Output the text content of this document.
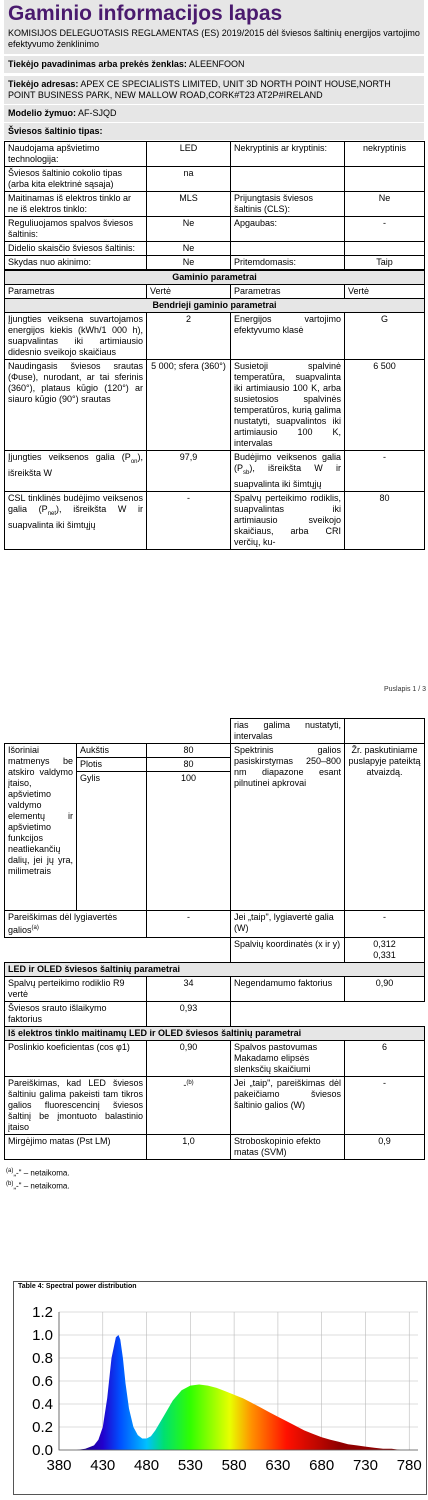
Gaminio informacijos lapas
KOMISIJOS DELEGUOTASIS REGLAMENTAS (ES) 2019/2015 dėl šviesos šaltinių energijos vartojimo efektyvumo ženklinimo
Tiekėjo pavadinimas arba prekės ženklas: ALEENFOON
Tiekėjo adresas: APEX CE SPECIALISTS LIMITED, UNIT 3D NORTH POINT HOUSE,NORTH POINT BUSINESS PARK, NEW MALLOW ROAD,CORK#T23 AT2P#IRELAND
Modelio žymuo: AF-SJQD
Šviesos šaltinio tipas:
Naudojama apšvietimo technologija:	LED	Nekryptinis ar kryptinis:	nekryptinis
Šviesos šaltinio cokolio tipas (arba kita elektrinė sąsaja)	na		
Maitinamas iš elektros tinklo ar ne iš elektros tinklo:	MLS	Prijungtasis šviesos šaltinis (CLS):	Ne
Reguliuojamos spalvos šviesos šaltinis:	Ne	Apgaubas:	-
Didelio skaisčio šviesos šaltinis:	Ne		
Skydas nuo akinimo:	Ne	Pritemdomasis:	Taip
Gaminio parametrai			
Parametras	Vertė	Parametras	Vertė
Bendrieji gaminio parametrai			
Įjungties veiksena suvartojamos energijos kiekis (kWh/1 000 h), suapvalintas iki artimiausio didesnio sveikojo skaičiaus	2	Energijos vartojimo efektyvumo klasė	G
Naudingasis šviesos srautas (Φuse), nurodant, ar tai sferinis (360°), plataus kūgio (120°) ar siauro kūgio (90°) srautas	5 000; sfera (360°)	Susietoji spalvinė temperatūra, suapvalinta iki artimiausio 100 K, arba susietosios spalvinės temperatūros, kurią galima nustatyti, suapvalintos iki artimiausio 100 K, intervalas	6 500
Įjungties veiksenos galia $(P_{on})$, išreikšta W	97,9	Budėjimo veiksenos galia $(P_{sb})$, išreikšta W ir suapvalinta iki šimtųjų	-
CSL tinklinės budėjimo veiksenos galia $(P_{net})$, išreikšta W ir suapvalinta iki šimtųjų	-	Spalvų perteikimo rodiklis, suapvalintas iki artimiausio sveikojo skaičiaus, arba CRI verčių, ku-	80
Puslapis 1 / 3
			rias galima nustatyti, intervalas	
Išoriniai matmenys be atskiro valdymo įtaiso, apšvietimo valdymo elementų ir apšvietimo funkcijos neatliekančių dalių, jei jų yra, milimetrais	Aukštis	80	Spektrinis galios pasiskirstymas 250–800 nm diapazone esant pilnutinei apkrovai	Žr. paskutiniame puslapyje pateiktą atvaizdą.
	Plotis	80		
	Gylis	100		
Pareiškimas dėl lygiavertės galios$^{(a)}$		-	Jei „taip", lygiavertė galia (W)	-
			Spalvių koordinatės (x ir y)	0,312
0,331

LED ir OLED šviesos šaltinių parametrai				
Spalvų perteikimo rodiklio R9 vertė		34	Negendamumo faktorius	0,90
Šviesos srauto išlaikymo faktorius		0,93		
Iš elektros tinklo maitinamų LED ir OLED šviesos šaltinių parametrai				
Poslinkio koeficientas (cos φ1)		0,90	Spalvos pastovumas Makadamo elipsės slenksčių skaičiumi	6
Pareiškimas, kad LED šviesos šaltiniu galima pakeisti tam tikros galios fluorescencinį šviesos šaltinį be įmontuoto balastinio įtaiso		-$^{(b)}$	Jei „taip", pareiškimas dėl pakeičiamo šviesos šaltinio galios (W)	-
Mirgėjimo matas (Pst LM)		1,0	Stroboskopinio efekto matas (SVM)	0,9
$^{(a)}$„-" – netaikoma.
$^{(b)}$„-" – netaikoma.
Table 4: Spectral power distribution
0.0
0.2
0.4
0.6
0.8
1.0
1.2
380 430 480 530 580 630 680 730 780
